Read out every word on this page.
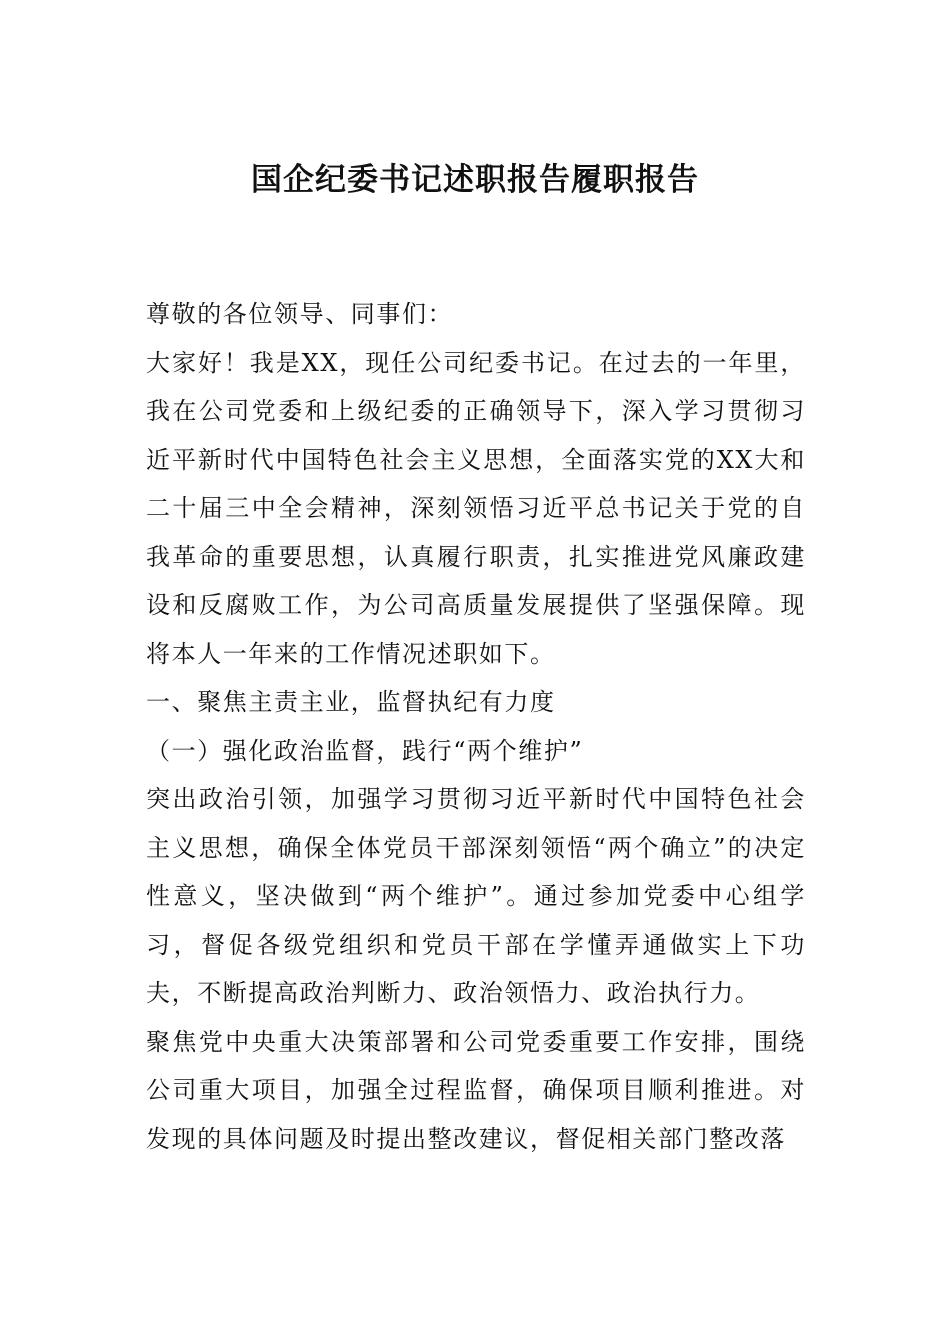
国企纪委书记述职报告履职报告

尊敬的各位领导、同事们：

大家好！我是XX，现任公司纪委书记。在过去的一年里，我在公司党委和上级纪委的正确领导下，深入学习贯彻习近平新时代中国特色社会主义思想，全面落实党的XX大和二十届三中全会精神，深刻领悟习近平总书记关于党的自我革命的重要思想，认真履行职责，扎实推进党风廉政建设和反腐败工作，为公司高质量发展提供了坚强保障。现将本人一年来的工作情况述职如下。

一、聚焦主责主业，监督执纪有力度

（一）强化政治监督，践行“两个维护”

突出政治引领，加强学习贯彻习近平新时代中国特色社会主义思想，确保全体党员干部深刻领悟“两个确立”的决定性意义，坚决做到“两个维护”。通过参加党委中心组学习，督促各级党组织和党员干部在学懂弄通做实上下功夫，不断提高政治判断力、政治领悟力、政治执行力。

聚焦党中央重大决策部署和公司党委重要工作安排，围绕公司重大项目，加强全过程监督，确保项目顺利推进。对发现的具体问题及时提出整改建议，督促相关部门整改落
